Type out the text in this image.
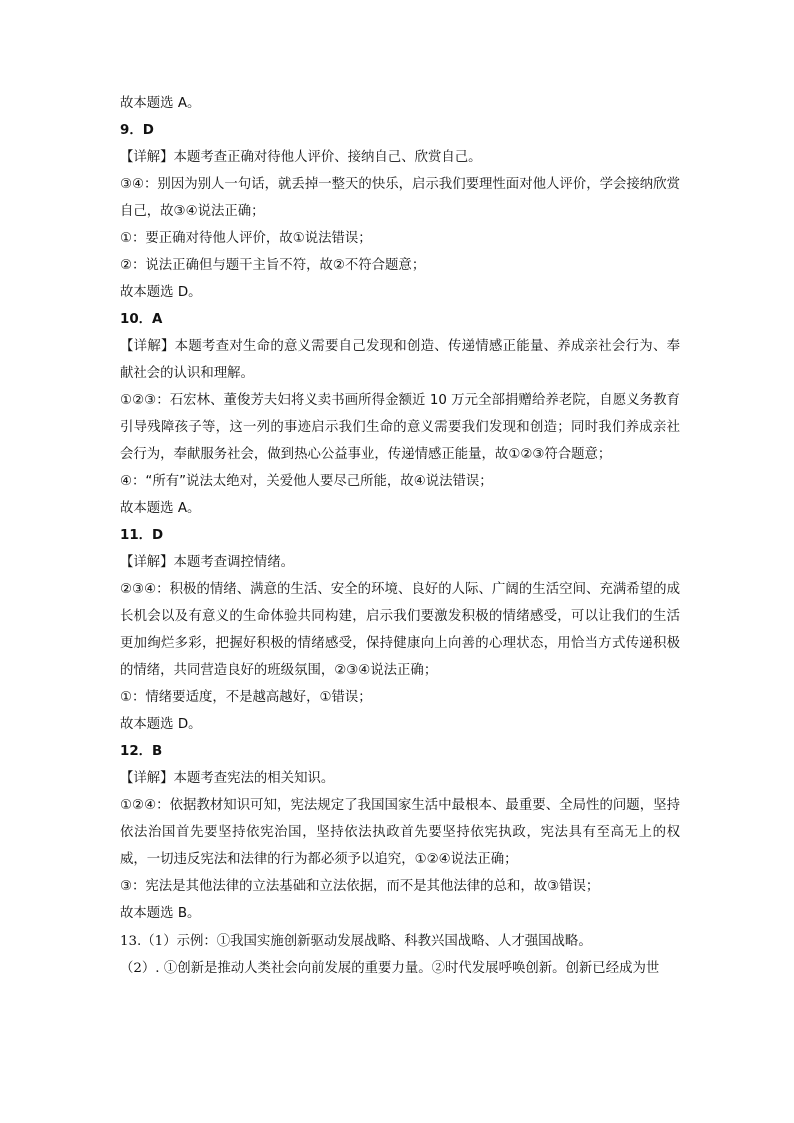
故本题选 A。
9．D
【详解】本题考查正确对待他人评价、接纳自己、欣赏自己。
③④：别因为别人一句话，就丢掉一整天的快乐，启示我们要理性面对他人评价，学会接纳欣赏自己，故③④说法正确；
①：要正确对待他人评价，故①说法错误；
②：说法正确但与题干主旨不符，故②不符合题意；
故本题选 D。
10．A
【详解】本题考查对生命的意义需要自己发现和创造、传递情感正能量、养成亲社会行为、奉献社会的认识和理解。
①②③：石宏林、董俊芳夫妇将义卖书画所得金额近 10 万元全部捐赠给养老院，自愿义务教育引导残障孩子等，这一列的事迹启示我们生命的意义需要我们发现和创造；同时我们养成亲社会行为，奉献服务社会，做到热心公益事业，传递情感正能量，故①②③符合题意；
④：“所有”说法太绝对，关爱他人要尽己所能，故④说法错误；
故本题选 A。
11．D
【详解】本题考查调控情绪。
②③④：积极的情绪、满意的生活、安全的环境、良好的人际、广阔的生活空间、充满希望的成长机会以及有意义的生命体验共同构建，启示我们要激发积极的情绪感受，可以让我们的生活更加绚烂多彩，把握好积极的情绪感受，保持健康向上向善的心理状态，用恰当方式传递积极的情绪，共同营造良好的班级氛围，②③④说法正确；
①：情绪要适度，不是越高越好，①错误；
故本题选 D。
12．B
【详解】本题考查宪法的相关知识。
①②④：依据教材知识可知，宪法规定了我国国家生活中最根本、最重要、全局性的问题，坚持依法治国首先要坚持依宪治国，坚持依法执政首先要坚持依宪执政，宪法具有至高无上的权威，一切违反宪法和法律的行为都必须予以追究，①②④说法正确；
③：宪法是其他法律的立法基础和立法依据，而不是其他法律的总和，故③错误；
故本题选 B。
13.（1）示例：①我国实施创新驱动发展战略、科教兴国战略、人才强国战略。
（2）. ①创新是推动人类社会向前发展的重要力量。②时代发展呼唤创新。创新已经成为世
